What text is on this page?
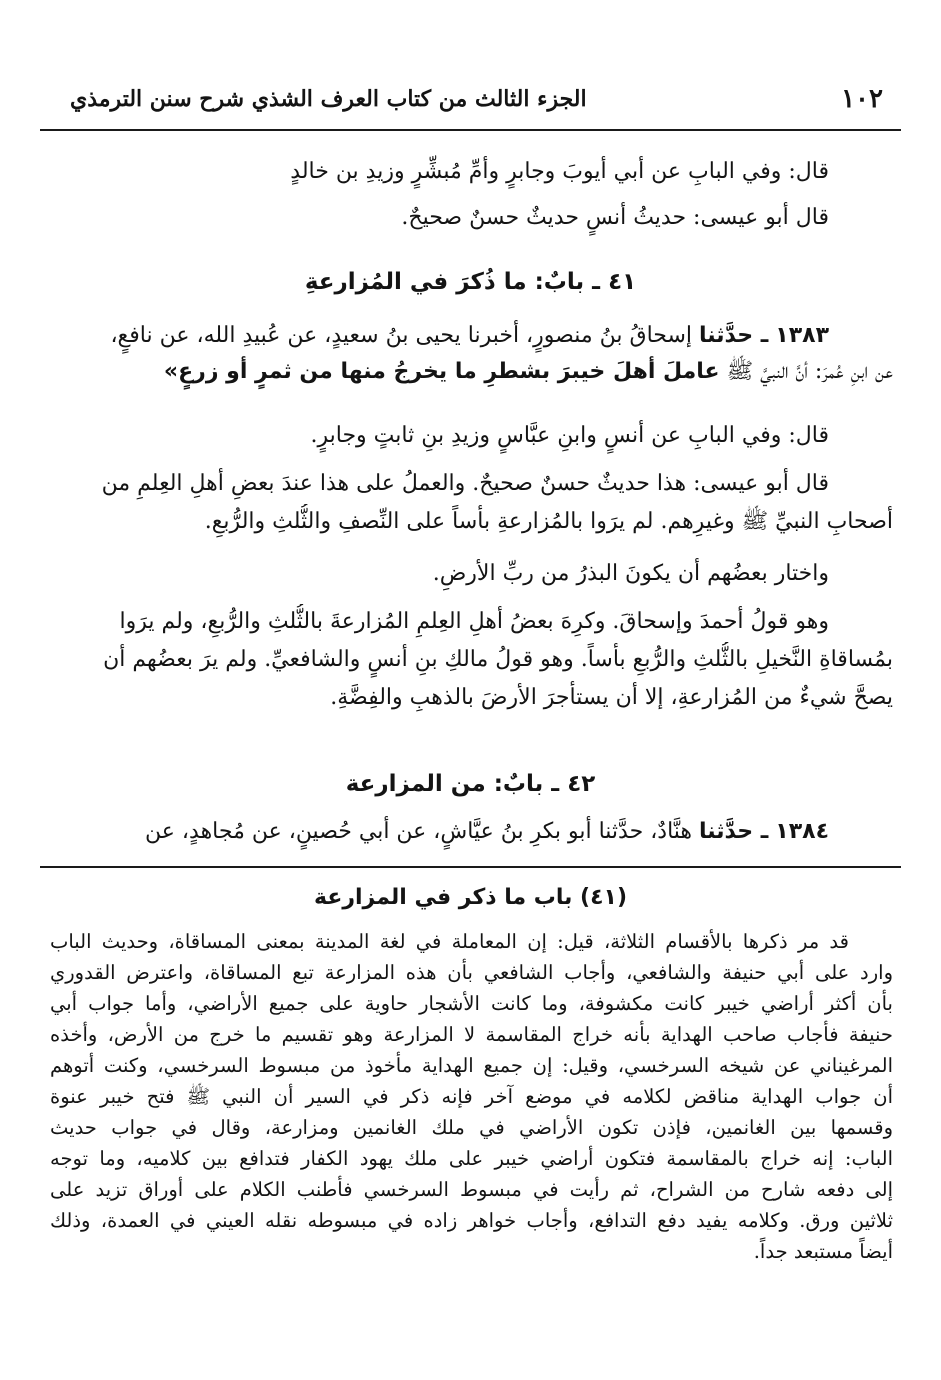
١٠٢
الجزء الثالث من كتاب العرف الشذي شرح سنن الترمذي
قال: وفي البابِ عن أبي أيوبَ وجابرٍ وأمِّ مُبشِّرٍ وزيدِ بن خالدٍ
قال أبو عيسى: حديثُ أنسٍ حديثٌ حسنٌ صحيحٌ.
٤١ ـ بابٌ: ما ذُكرَ في المُزارعةِ
١٣٨٣ ـ حدَّثنا إسحاقُ بنُ منصورٍ، أخبرنا يحيى بنُ سعيدٍ، عن عُبيدِ الله، عن نافعٍ،
عن ابنِ عُمرَ: أنَّ النبيَّ ﷺ عاملَ أهلَ خيبرَ بشطرِ ما يخرجُ منها من ثمرٍ أو زرعٍ»
قال: وفي البابِ عن أنسٍ وابنِ عبَّاسٍ وزيدِ بنِ ثابتٍ وجابرٍ.
قال أبو عيسى: هذا حديثٌ حسنٌ صحيحٌ. والعملُ على هذا عندَ بعضِ أهلِ العِلمِ من
أصحابِ النبيِّ ﷺ وغيرِهم. لم يرَوا بالمُزارعةِ بأساً على النِّصفِ والثُّلثِ والرُّبعِ.
واختار بعضُهم أن يكونَ البذرُ من ربِّ الأرضِ.
وهو قولُ أحمدَ وإسحاقَ. وكرِهَ بعضُ أهلِ العِلمِ المُزارعةَ بالثُّلثِ والرُّبعِ، ولم يرَوا
بمُساقاةِ النَّخيلِ بالثُّلثِ والرُّبعِ بأساً. وهو قولُ مالكِ بنِ أنسٍ والشافعيِّ. ولم يرَ بعضُهم أن
يصحَّ شيءٌ من المُزارعةِ، إلا أن يستأجرَ الأرضَ بالذهبِ والفِضَّةِ.
٤٢ ـ بابٌ: من المزارعة
١٣٨٤ ـ حدَّثنا هنَّادٌ، حدَّثنا أبو بكرِ بنُ عيَّاشٍ، عن أبي حُصينٍ، عن مُجاهدٍ، عن
(٤١) باب ما ذكر في المزارعة
قد مر ذكرها بالأقسام الثلاثة، قيل: إن المعاملة في لغة المدينة بمعنى المساقاة، وحديث الباب
وارد على أبي حنيفة والشافعي، وأجاب الشافعي بأن هذه المزارعة تبع المساقاة، واعترض القدوري
بأن أكثر أراضي خيبر كانت مكشوفة، وما كانت الأشجار حاوية على جميع الأراضي، وأما جواب أبي
حنيفة فأجاب صاحب الهداية بأنه خراج المقاسمة لا المزارعة وهو تقسيم ما خرج من الأرض، وأخذه
المرغيناني عن شيخه السرخسي، وقيل: إن جميع الهداية مأخوذ من مبسوط السرخسي، وكنت أتوهم
أن جواب الهداية مناقض لكلامه في موضع آخر فإنه ذكر في السير أن النبي ﷺ فتح خيبر عنوة
وقسمها بين الغانمين، فإذن تكون الأراضي في ملك الغانمين ومزارعة، وقال في جواب حديث
الباب: إنه خراج بالمقاسمة فتكون أراضي خيبر على ملك يهود الكفار فتدافع بين كلاميه، وما توجه
إلى دفعه شارح من الشراح، ثم رأيت في مبسوط السرخسي فأطنب الكلام على أوراق تزيد على
ثلاثين ورق. وكلامه يفيد دفع التدافع، وأجاب خواهر زاده في مبسوطه نقله العيني في العمدة، وذلك
أيضاً مستبعد جداً.
